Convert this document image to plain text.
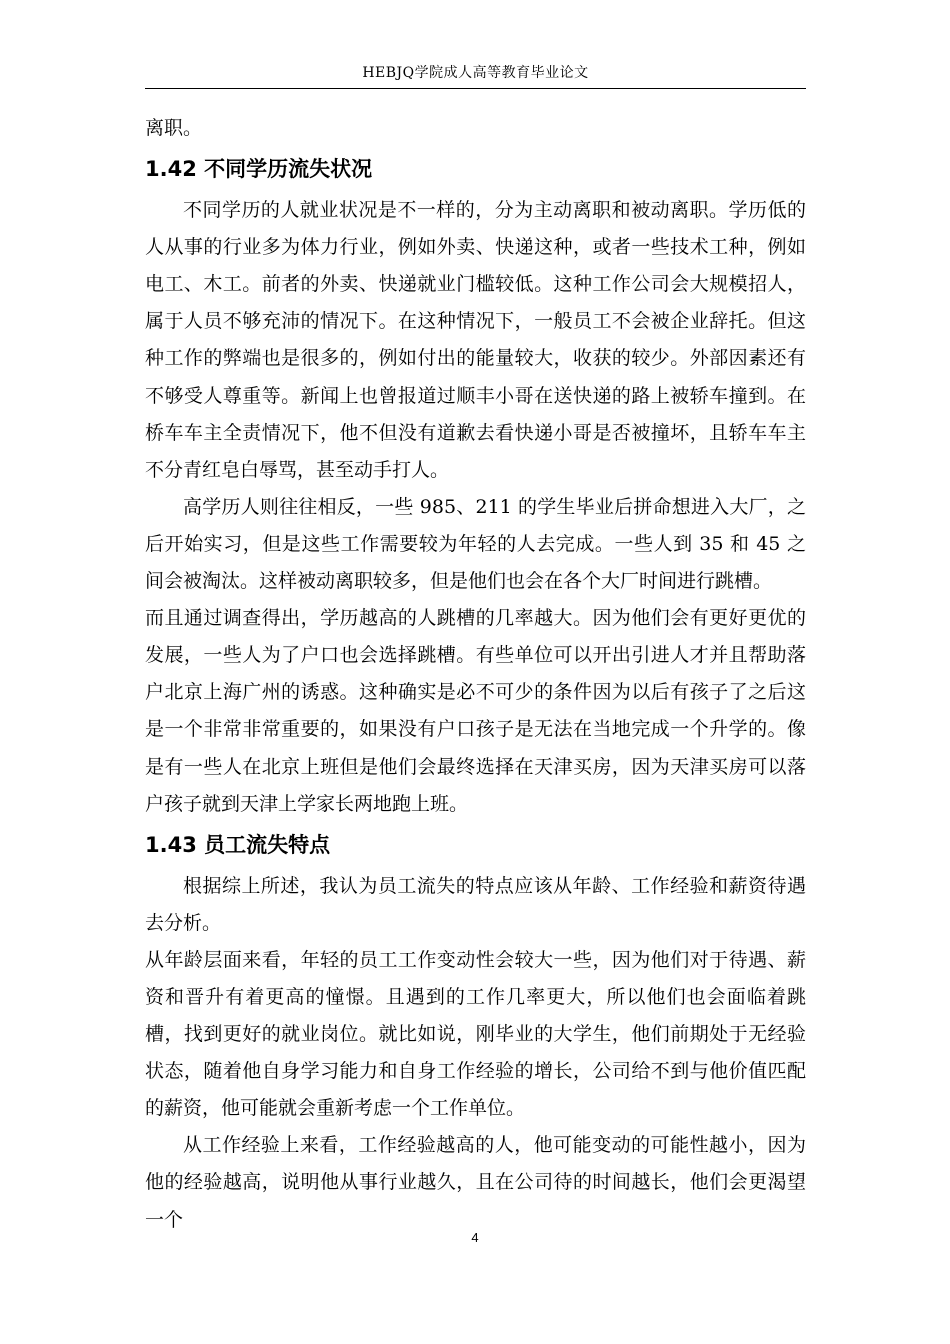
HEBJQ学院成人高等教育毕业论文

离职。

1.42 不同学历流失状况

不同学历的人就业状况是不一样的，分为主动离职和被动离职。学历低的人从事的行业多为体力行业，例如外卖、快递这种，或者一些技术工种，例如电工、木工。前者的外卖、快递就业门槛较低。这种工作公司会大规模招人，属于人员不够充沛的情况下。在这种情况下，一般员工不会被企业辞托。但这种工作的弊端也是很多的，例如付出的能量较大，收获的较少。外部因素还有不够受人尊重等。新闻上也曾报道过顺丰小哥在送快递的路上被轿车撞到。在桥车车主全责情况下，他不但没有道歉去看快递小哥是否被撞坏，且轿车车主不分青红皂白辱骂，甚至动手打人。

高学历人则往往相反，一些 985、211 的学生毕业后拼命想进入大厂，之后开始实习，但是这些工作需要较为年轻的人去完成。一些人到 35 和 45 之间会被淘汰。这样被动离职较多，但是他们也会在各个大厂时间进行跳槽。

而且通过调查得出，学历越高的人跳槽的几率越大。因为他们会有更好更优的发展，一些人为了户口也会选择跳槽。有些单位可以开出引进人才并且帮助落户北京上海广州的诱惑。这种确实是必不可少的条件因为以后有孩子了之后这是一个非常非常重要的，如果没有户口孩子是无法在当地完成一个升学的。像是有一些人在北京上班但是他们会最终选择在天津买房，因为天津买房可以落户孩子就到天津上学家长两地跑上班。

1.43 员工流失特点

根据综上所述，我认为员工流失的特点应该从年龄、工作经验和薪资待遇去分析。

从年龄层面来看，年轻的员工工作变动性会较大一些，因为他们对于待遇、薪资和晋升有着更高的憧憬。且遇到的工作几率更大，所以他们也会面临着跳槽，找到更好的就业岗位。就比如说，刚毕业的大学生，他们前期处于无经验状态，随着他自身学习能力和自身工作经验的增长，公司给不到与他价值匹配的薪资，他可能就会重新考虑一个工作单位。

从工作经验上来看，工作经验越高的人，他可能变动的可能性越小，因为他的经验越高，说明他从事行业越久，且在公司待的时间越长，他们会更渴望一个

4
